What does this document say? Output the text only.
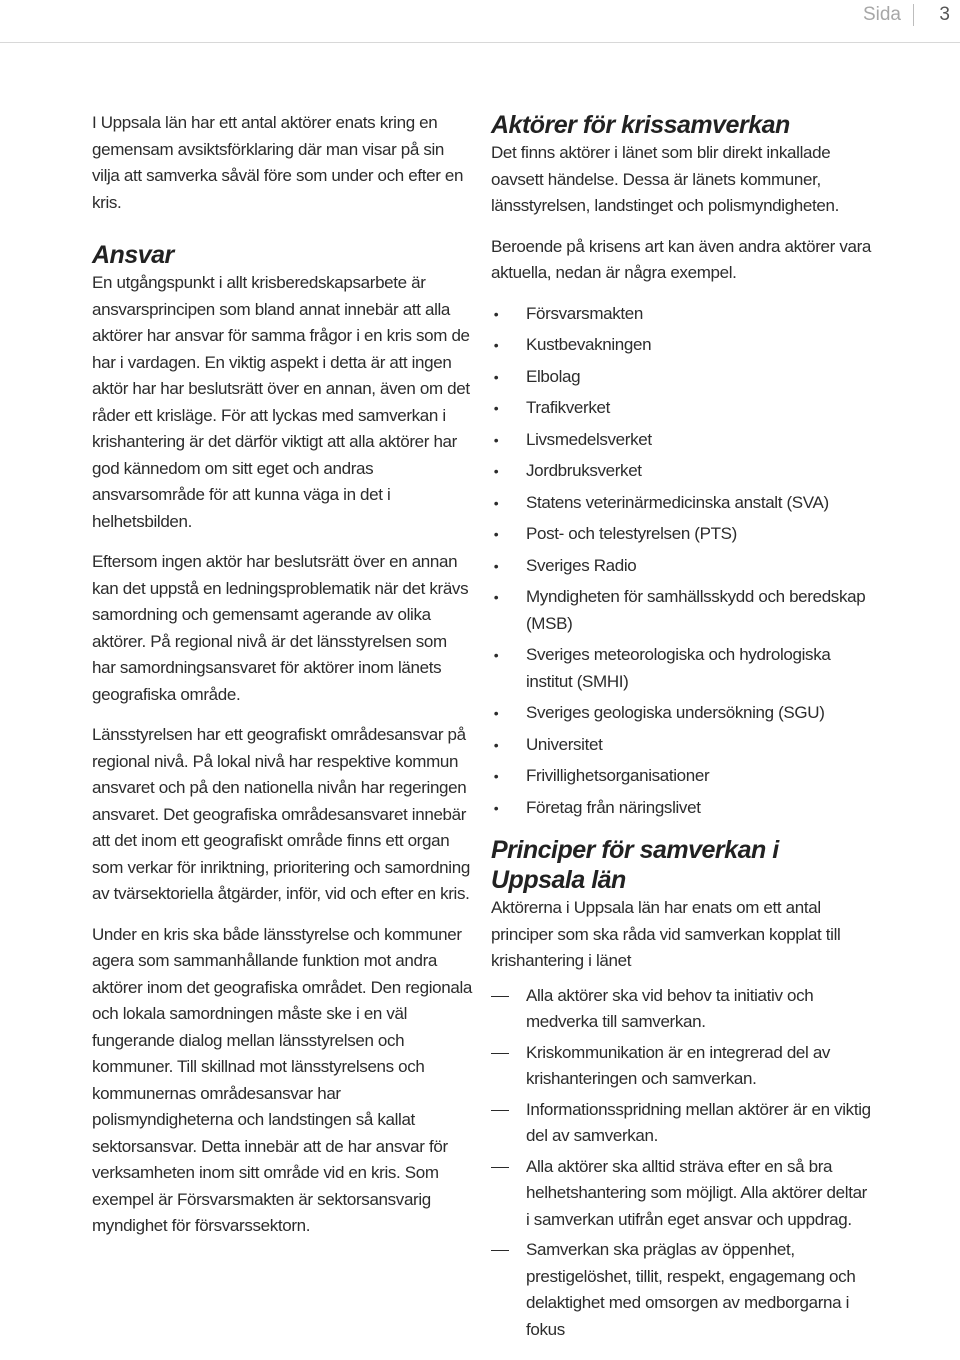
Sida	3

I Uppsala län har ett antal aktörer enats kring en gemensam avsiktsförklaring där man visar på sin vilja att samverka såväl före som under och efter en kris.

Ansvar

En utgångspunkt i allt krisberedskapsarbete är ansvarsprincipen som bland annat innebär att alla aktörer har ansvar för samma frågor i en kris som de har i vardagen. En viktig aspekt i detta är att ingen aktör har har beslutsrätt över en annan, även om det råder ett krisläge. För att lyckas med samverkan i krishantering är det därför viktigt att alla aktörer har god kännedom om sitt eget och andras ansvarsområde för att kunna väga in det i helhetsbilden.

Eftersom ingen aktör har beslutsrätt över en annan kan det uppstå en ledningsproblematik när det krävs samordning och gemensamt agerande av olika aktörer. På regional nivå är det länsstyrelsen som har samordningsansvaret för aktörer inom länets geografiska område.

Länsstyrelsen har ett geografiskt områdesansvar på regional nivå. På lokal nivå har respektive kommun ansvaret och på den nationella nivån har regeringen ansvaret. Det geografiska områdesansvaret innebär att det inom ett geografiskt område finns ett organ som verkar för inriktning, prioritering och samordning av tvärsektoriella åtgärder, inför, vid och efter en kris.

Under en kris ska både länsstyrelse och kommuner agera som sammanhållande funktion mot andra aktörer inom det geografiska området. Den regionala och lokala samordningen måste ske i en väl fungerande dialog mellan länsstyrelsen och kommuner. Till skillnad mot länsstyrelsens och kommunernas områdesansvar har polismyndigheterna och landstingen så kallat sektorsansvar. Detta innebär att de har ansvar för verksamheten inom sitt område vid en kris. Som exempel är Försvarsmakten är sektorsansvarig myndighet för försvarssektorn.

Aktörer för krissamverkan

Det finns aktörer i länet som blir direkt inkallade oavsett händelse. Dessa är länets kommuner, länsstyrelsen, landstinget och polismyndigheten.

Beroende på krisens art kan även andra aktörer vara aktuella, nedan är några exempel.

• Försvarsmakten
• Kustbevakningen
• Elbolag
• Trafikverket
• Livsmedelsverket
• Jordbruksverket
• Statens veterinärmedicinska anstalt (SVA)
• Post- och telestyrelsen (PTS)
• Sveriges Radio
• Myndigheten för samhällsskydd och beredskap (MSB)
• Sveriges meteorologiska och hydrologiska institut (SMHI)
• Sveriges geologiska undersökning (SGU)
• Universitet
• Frivillighetsorganisationer
• Företag från näringslivet
Principer för samverkan i Uppsala län

Aktörerna i Uppsala län har enats om ett antal principer som ska råda vid samverkan kopplat till krishantering i länet

Alla aktörer ska vid behov ta initiativ och medverka till samverkan.
Kriskommunikation är en integrerad del av krishanteringen och samverkan.
Informationsspridning mellan aktörer är en viktig del av samverkan.
Alla aktörer ska alltid sträva efter en så bra helhetshantering som möjligt. Alla aktörer deltar i samverkan utifrån eget ansvar och uppdrag.
Samverkan ska präglas av öppenhet, prestigelöshet, tillit, respekt, engagemang och delaktighet med omsorgen av medborgarna i fokus
